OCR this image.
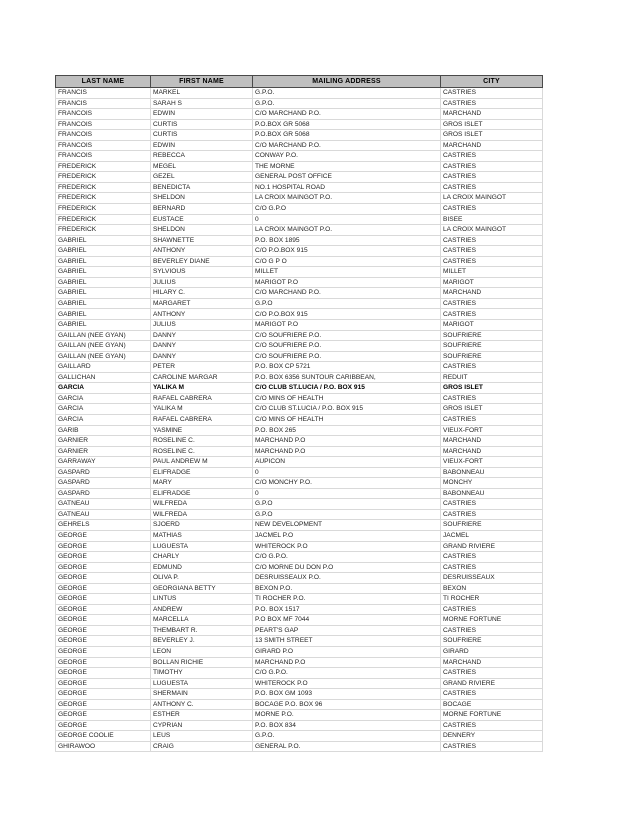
LAST NAME	FIRST NAME	MAILING ADDRESS	CITY
FRANCIS	MARKEL	G.P.O.	CASTRIES
FRANCIS	SARAH S	G.P.O.	CASTRIES
FRANCOIS	EDWIN	C/O MARCHAND P.O.	MARCHAND
FRANCOIS	CURTIS	P.O.BOX GR 5068	GROS ISLET
FRANCOIS	CURTIS	P.O.BOX GR 5068	GROS ISLET
FRANCOIS	EDWIN	C/O MARCHAND P.O.	MARCHAND
FRANCOIS	REBECCA	CONWAY P.O.	CASTRIES
FREDERICK	MEGEL	THE MORNE	CASTRIES
FREDERICK	GEZEL	GENERAL POST OFFICE	CASTRIES
FREDERICK	BENEDICTA	NO.1 HOSPITAL ROAD	CASTRIES
FREDERICK	SHELDON	LA CROIX MAINGOT P.O.	LA CROIX MAINGOT
FREDERICK	BERNARD	C/O G.P.O	CASTRIES
FREDERICK	EUSTACE	0	BISEE
FREDERICK	SHELDON	LA CROIX MAINGOT P.O.	LA CROIX MAINGOT
GABRIEL	SHAWNETTE	P.O. BOX 1895	CASTRIES
GABRIEL	ANTHONY	C/O P.O.BOX 915	CASTRIES
GABRIEL	BEVERLEY DIANE	C/O G P O	CASTRIES
GABRIEL	SYLVIOUS	MILLET	MILLET
GABRIEL	JULIUS	MARIGOT P.O	MARIGOT
GABRIEL	HILARY C.	C/O MARCHAND P.O.	MARCHAND
GABRIEL	MARGARET	G.P.O	CASTRIES
GABRIEL	ANTHONY	C/O P.O.BOX 915	CASTRIES
GABRIEL	JULIUS	MARIGOT P.O	MARIGOT
GAILLAN (NEE GYAN)	DANNY	C/O SOUFRIERE P.O.	SOUFRIERE
GAILLAN (NEE GYAN)	DANNY	C/O SOUFRIERE P.O.	SOUFRIERE
GAILLAN (NEE GYAN)	DANNY	C/O SOUFRIERE P.O.	SOUFRIERE
GAILLARD	PETER	P.O. BOX CP 5721	CASTRIES
GALLICHAN	CAROLINE MARGAR	P.O. BOX 6356 SUNTOUR CARIBBEAN,	REDUIT
GARCIA	YALIKA M	C/O CLUB ST.LUCIA / P.O. BOX 915	GROS ISLET
GARCIA	RAFAEL CABRERA	C/O MINS OF HEALTH	CASTRIES
GARCIA	YALIKA M	C/O CLUB ST.LUCIA / P.O. BOX 915	GROS ISLET
GARCIA	RAFAEL CABRERA	C/O MINS OF HEALTH	CASTRIES
GARIB	YASMINE	P.O. BOX 265	VIEUX-FORT
GARNIER	ROSELINE C.	MARCHAND P.O	MARCHAND
GARNIER	ROSELINE C.	MARCHAND P.O	MARCHAND
GARRAWAY	PAUL ANDREW M	AUPICON	VIEUX-FORT
GASPARD	ELIFRADGE	0	BABONNEAU
GASPARD	MARY	C/O MONCHY P.O.	MONCHY
GASPARD	ELIFRADGE	0	BABONNEAU
GATNEAU	WILFREDA	G.P.O	CASTRIES
GATNEAU	WILFREDA	G.P.O	CASTRIES
GEHRELS	SJOERD	NEW DEVELOPMENT	SOUFRIERE
GEORGE	MATHIAS	JACMEL P.O	JACMEL
GEORGE	LUGUESTA	WHITEROCK P.O	GRAND RIVIERE
GEORGE	CHARLY	C/O G.P.O.	CASTRIES
GEORGE	EDMUND	C/O MORNE DU DON P.O	CASTRIES
GEORGE	OLIVA P.	DESRUISSEAUX P.O.	DESRUISSEAUX
GEORGE	GEORGIANA BETTY	BEXON P.O.	BEXON
GEORGE	LINTUS	TI ROCHER P.O.	TI ROCHER
GEORGE	ANDREW	P.O. BOX 1517	CASTRIES
GEORGE	MARCELLA	P.O BOX MF 7044	MORNE FORTUNE
GEORGE	THEMBART R.	PEART'S GAP	CASTRIES
GEORGE	BEVERLEY J.	13 SMITH STREET	SOUFRIERE
GEORGE	LEON	GIRARD P.O	GIRARD
GEORGE	BOLLAN RICHIE	MARCHAND P.O	MARCHAND
GEORGE	TIMOTHY	C/O G.P.O.	CASTRIES
GEORGE	LUGUESTA	WHITEROCK P.O	GRAND RIVIERE
GEORGE	SHERMAIN	P.O. BOX GM 1093	CASTRIES
GEORGE	ANTHONY C.	BOCAGE P.O. BOX 96	BOCAGE
GEORGE	ESTHER	MORNE P.O.	MORNE FORTUNE
GEORGE	CYPRIAN	P.O. BOX 834	CASTRIES
GEORGE COOLIE	LEUS	G.P.O.	DENNERY
GHIRAWOO	CRAIG	GENERAL P.O.	CASTRIES
